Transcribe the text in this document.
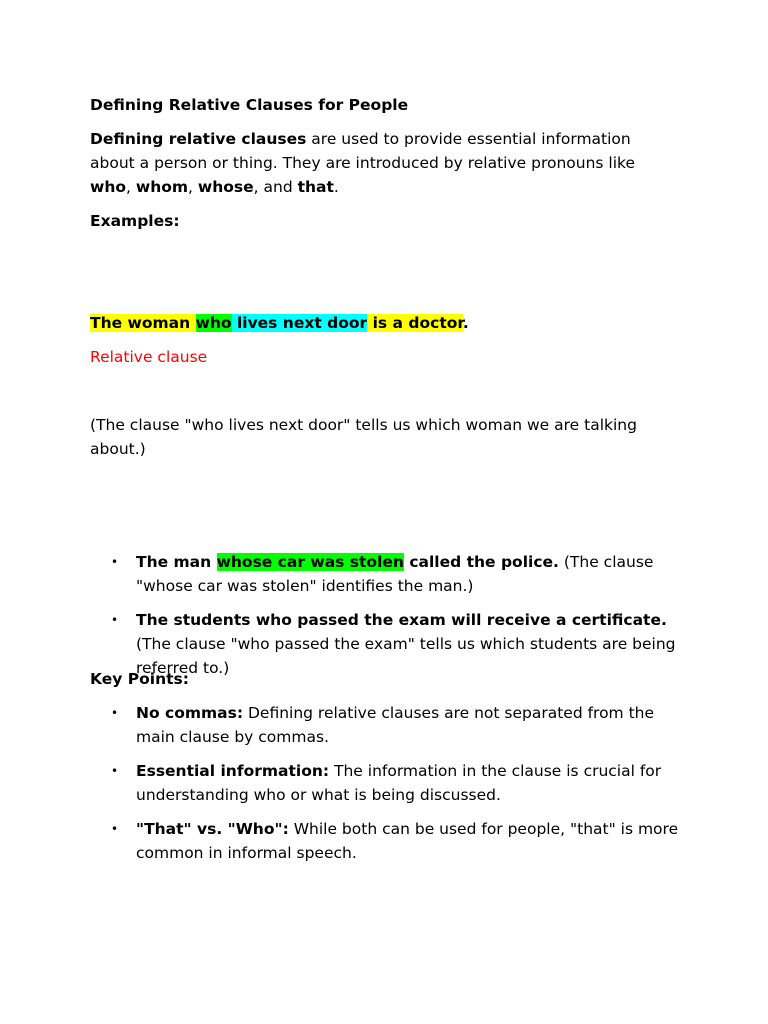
Defining Relative Clauses for People
Defining relative clauses are used to provide essential information about a person or thing. They are introduced by relative pronouns like who, whom, whose, and that.
Examples:
The woman who lives next door is a doctor.
Relative clause
(The clause "who lives next door" tells us which woman we are talking about.)
• The man whose car was stolen called the police. (The clause "whose car was stolen" identifies the man.)
• The students who passed the exam will receive a certificate. (The clause "who passed the exam" tells us which students are being referred to.)
Key Points:
• No commas: Defining relative clauses are not separated from the main clause by commas.
• Essential information: The information in the clause is crucial for understanding who or what is being discussed.
• "That" vs. "Who": While both can be used for people, "that" is more common in informal speech.
